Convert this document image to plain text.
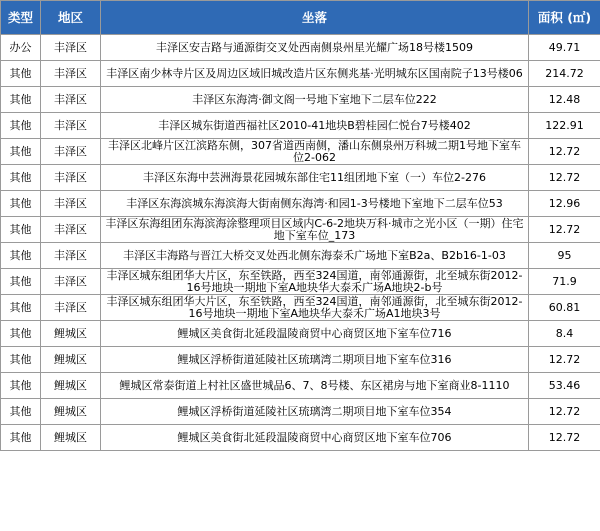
类型	地区	坐落	面积 (㎡)
办公	丰泽区	丰泽区安吉路与通源街交叉处西南侧泉州星光耀广场18号楼1509	49.71
其他	丰泽区	丰泽区南少林寺片区及周边区域旧城改造片区东侧兆基·光明城东区国南院子13号楼06	214.72
其他	丰泽区	丰泽区东海湾·御文阁一号地下室地下二层车位222	12.48
其他	丰泽区	丰泽区城东街道西福社区2010-41地块B碧桂园仁悦台7号楼402	122.91
其他	丰泽区	丰泽区北峰片区江滨路东侧，307省道西南侧，潘山东侧泉州万科城二期1号地下室车位2-062	12.72
其他	丰泽区	丰泽区东海中芸洲海景花园城东部住宅11组团地下室（一）车位2-276	12.72
其他	丰泽区	丰泽区东海滨城东海滨海大街南侧东海湾·和园1-3号楼地下室地下二层车位53	12.96
其他	丰泽区	丰泽区东海组团东海滨海涂整理项目区域内C-6-2地块万科·城市之光小区（一期）住宅地下室车位_173	12.72
其他	丰泽区	丰泽区丰海路与晋江大桥交叉处西北侧东海泰禾广场地下室B2a、B2b16-1-03	95
其他	丰泽区	丰泽区城东组团华大片区，东至铁路，西至324国道，南邻通源街，北至城东街2012-16号地块一期地下室A地块华大泰禾广场A地块2-b号	71.9
其他	丰泽区	丰泽区城东组团华大片区，东至铁路，西至324国道，南邻通源街，北至城东街2012-16号地块一期地下室A地块华大泰禾广场A1地块3号	60.81
其他	鲤城区	鲤城区美食街北延段温陵商贸中心商贸区地下室车位716	8.4
其他	鲤城区	鲤城区浮桥街道延陵社区琉璃湾二期项目地下室车位316	12.72
其他	鲤城区	鲤城区常泰街道上村社区盛世城品6、7、8号楼、东区裙房与地下室商业8-1110	53.46
其他	鲤城区	鲤城区浮桥街道延陵社区琉璃湾二期项目地下室车位354	12.72
其他	鲤城区	鲤城区美食街北延段温陵商贸中心商贸区地下室车位706	12.72
